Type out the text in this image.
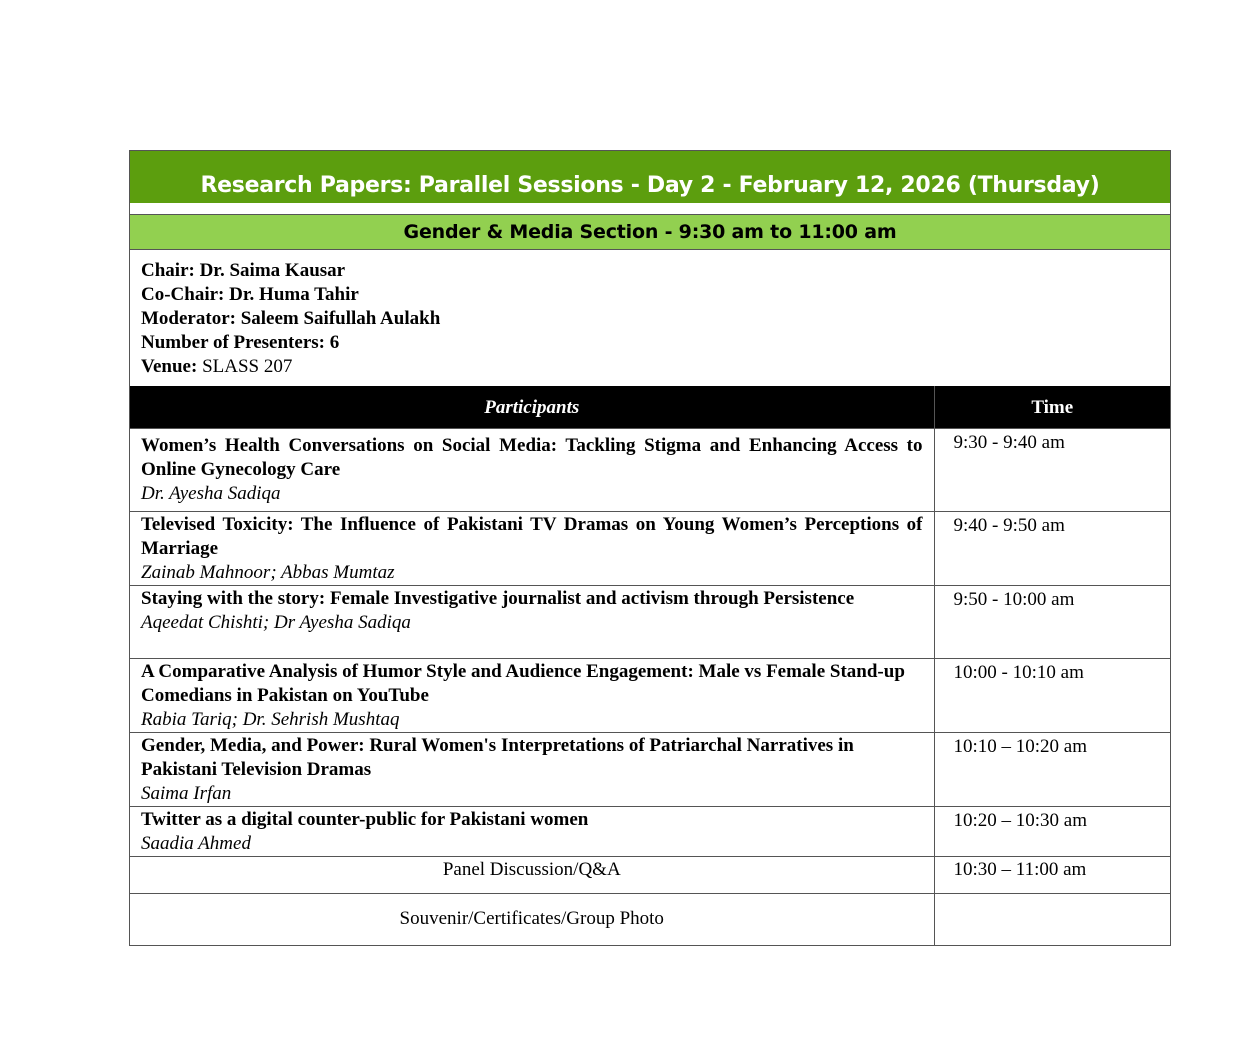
Research Papers: Parallel Sessions - Day 2 - February 12, 2026 (Thursday)
Gender & Media Section - 9:30 am to 11:00 am
Chair: Dr. Saima Kausar
Co-Chair: Dr. Huma Tahir
Moderator: Saleem Saifullah Aulakh
Number of Presenters: 6
Venue: SLASS 207
Participants	Time

Women’s Health Conversations on Social Media: Tackling Stigma and Enhancing Access to Online Gynecology Care
Dr. Ayesha Sadiqa	9:30 - 9:40 am

Televised Toxicity: The Influence of Pakistani TV Dramas on Young Women’s Perceptions of Marriage
Zainab Mahnoor; Abbas Mumtaz	9:40 - 9:50 am

Staying with the story: Female Investigative journalist and activism through Persistence
Aqeedat Chishti; Dr Ayesha Sadiqa	9:50 - 10:00 am

A Comparative Analysis of Humor Style and Audience Engagement: Male vs Female Stand-up Comedians in Pakistan on YouTube
Rabia Tariq; Dr. Sehrish Mushtaq	10:00 - 10:10 am

Gender, Media, and Power: Rural Women's Interpretations of Patriarchal Narratives in Pakistani Television Dramas
Saima Irfan	10:10 – 10:20 am

Twitter as a digital counter-public for Pakistani women
Saadia Ahmed	10:20 – 10:30 am
Panel Discussion/Q&A	10:30 – 11:00 am
Souvenir/Certificates/Group Photo	
